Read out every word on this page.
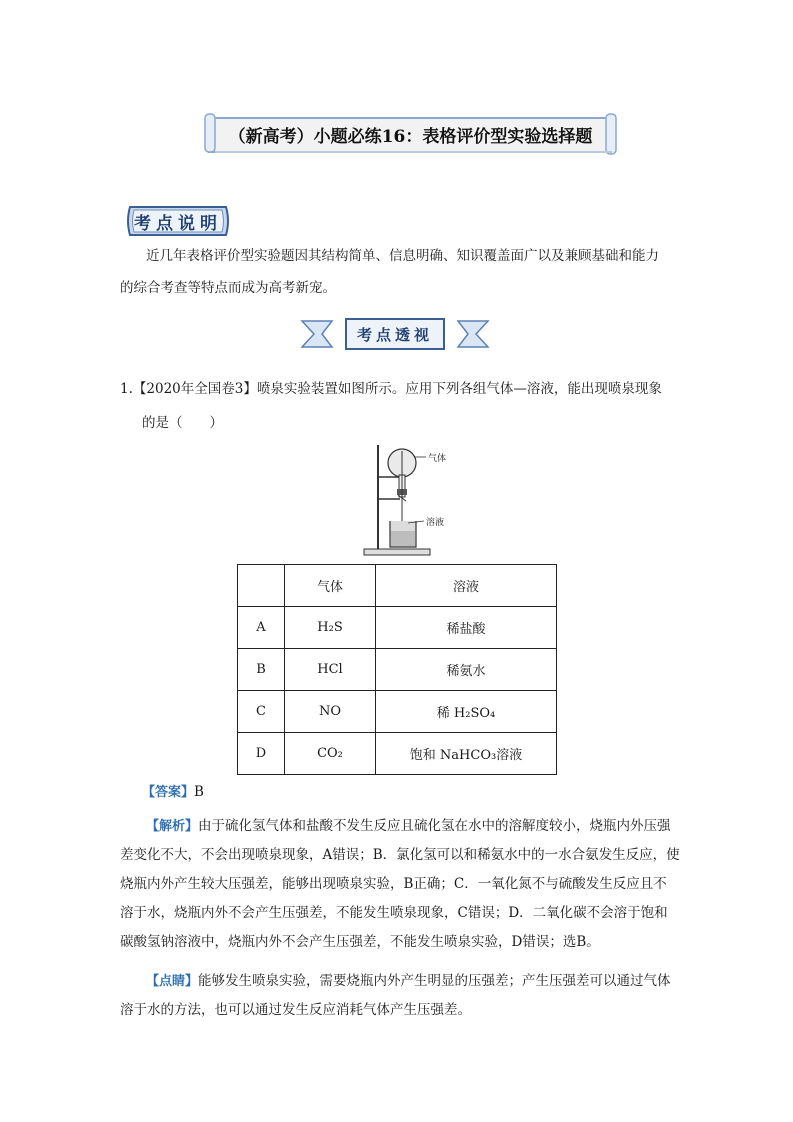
（新高考）小题必练16：表格评价型实验选择题
考点说明
近几年表格评价型实验题因其结构简单、信息明确、知识覆盖面广以及兼顾基础和能力
的综合考查等特点而成为高考新宠。
考点透视
1.【2020年全国卷3】喷泉实验装置如图所示。应用下列各组气体—溶液，能出现喷泉现象
的是（　　）
气体
溶液
	气体	溶液
A	H₂S	稀盐酸
B	HCl	稀氨水
C	NO	稀 H₂SO₄
D	CO₂	饱和 NaHCO₃溶液
【答案】B
【解析】由于硫化氢气体和盐酸不发生反应且硫化氢在水中的溶解度较小，烧瓶内外压强差变化不大，不会出现喷泉现象，A错误；B．氯化氢可以和稀氨水中的一水合氨发生反应，使烧瓶内外产生较大压强差，能够出现喷泉实验，B正确；C．一氧化氮不与硫酸发生反应且不溶于水，烧瓶内外不会产生压强差，不能发生喷泉现象，C错误；D．二氧化碳不会溶于饱和碳酸氢钠溶液中，烧瓶内外不会产生压强差，不能发生喷泉实验，D错误；选B。
【点睛】能够发生喷泉实验，需要烧瓶内外产生明显的压强差；产生压强差可以通过气体溶于水的方法，也可以通过发生反应消耗气体产生压强差。
